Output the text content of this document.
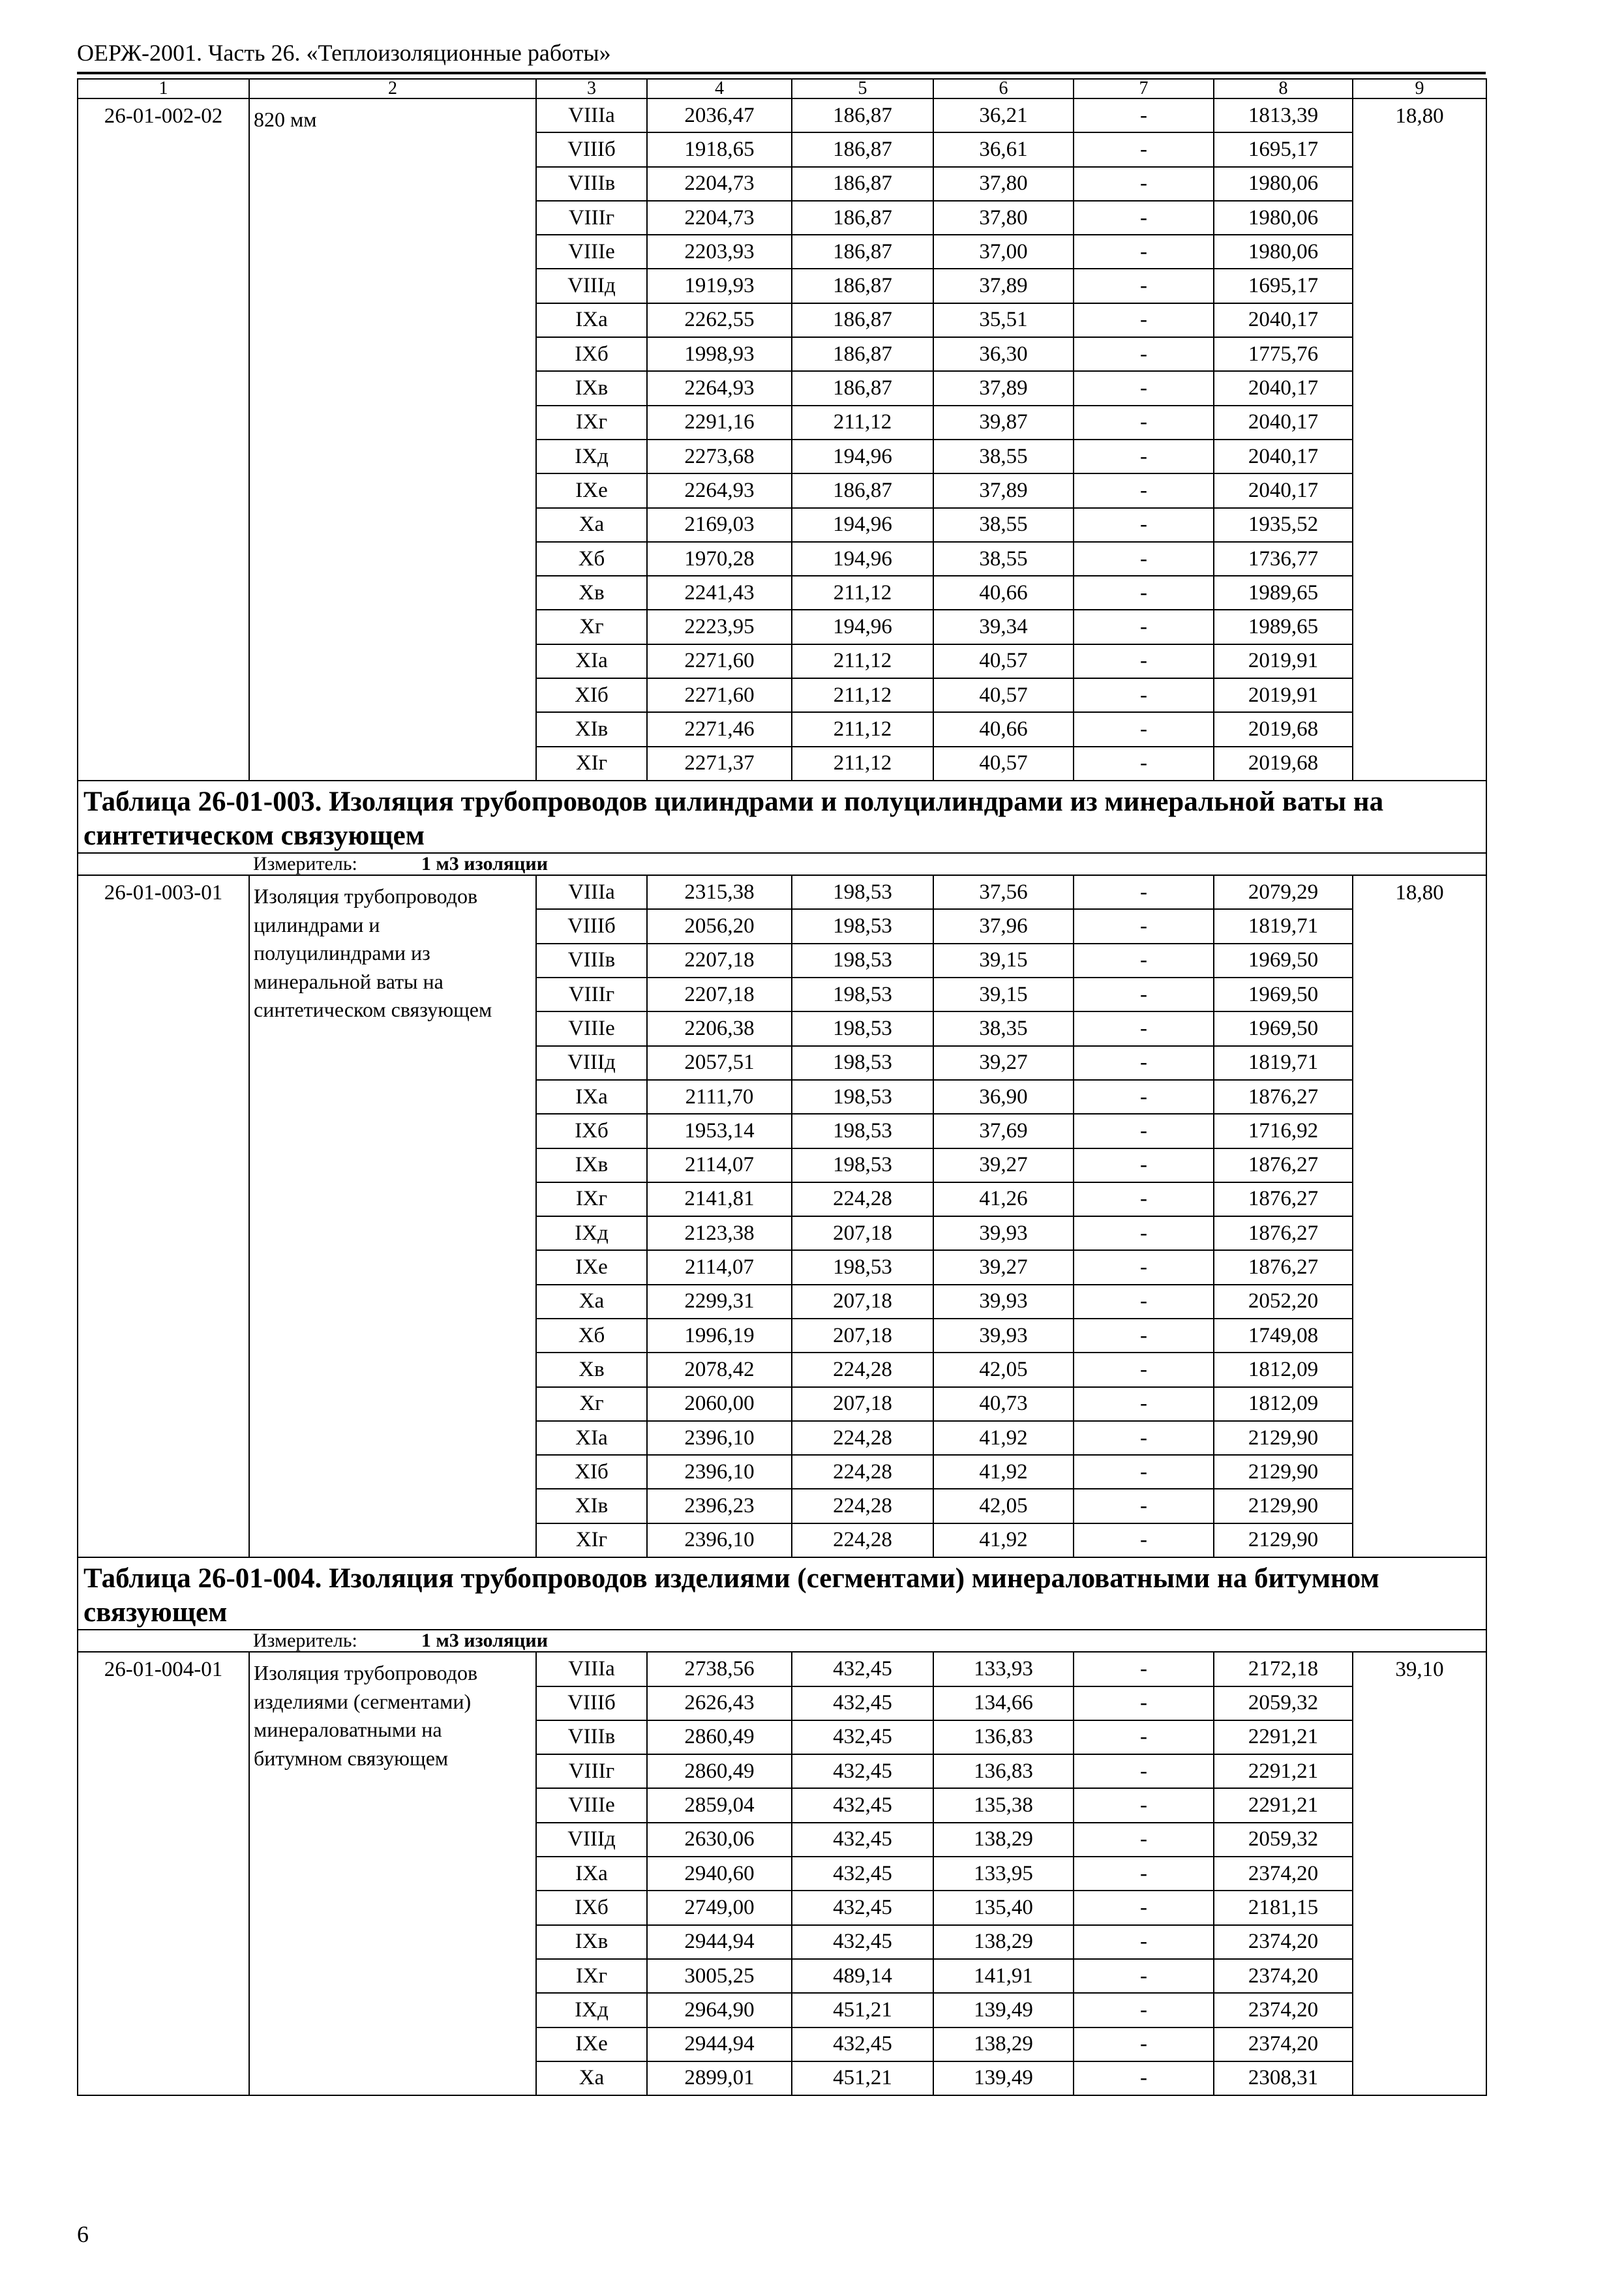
ОЕРЖ-2001. Часть 26. «Теплоизоляционные работы»
1	2	3	4	5	6	7	8	9
26-01-002-02	820 мм	VIIIа	2036,47	186,87	36,21	-	1813,39	18,80
		VIIIб	1918,65	186,87	36,61	-	1695,17	
		VIIIв	2204,73	186,87	37,80	-	1980,06	
		VIIIг	2204,73	186,87	37,80	-	1980,06	
		VIIIе	2203,93	186,87	37,00	-	1980,06	
		VIIIд	1919,93	186,87	37,89	-	1695,17	
		IXа	2262,55	186,87	35,51	-	2040,17	
		IXб	1998,93	186,87	36,30	-	1775,76	
		IXв	2264,93	186,87	37,89	-	2040,17	
		IXг	2291,16	211,12	39,87	-	2040,17	
		IXд	2273,68	194,96	38,55	-	2040,17	
		IXе	2264,93	186,87	37,89	-	2040,17	
		Xа	2169,03	194,96	38,55	-	1935,52	
		Xб	1970,28	194,96	38,55	-	1736,77	
		Xв	2241,43	211,12	40,66	-	1989,65	
		Xг	2223,95	194,96	39,34	-	1989,65	
		XIа	2271,60	211,12	40,57	-	2019,91	
		XIб	2271,60	211,12	40,57	-	2019,91	
		XIв	2271,46	211,12	40,66	-	2019,68	
		XIг	2271,37	211,12	40,57	-	2019,68	
Таблица 26-01-003. Изоляция трубопроводов цилиндрами и полуцилиндрами из минеральной ваты на синтетическом связующем								
Измеритель: 1 м3 изоляции								
26-01-003-01	Изоляция трубопроводов цилиндрами и полуцилиндрами из минеральной ваты на синтетическом связующем	VIIIа	2315,38	198,53	37,56	-	2079,29	18,80
		VIIIб	2056,20	198,53	37,96	-	1819,71	
		VIIIв	2207,18	198,53	39,15	-	1969,50	
		VIIIг	2207,18	198,53	39,15	-	1969,50	
		VIIIе	2206,38	198,53	38,35	-	1969,50	
		VIIIд	2057,51	198,53	39,27	-	1819,71	
		IXа	2111,70	198,53	36,90	-	1876,27	
		IXб	1953,14	198,53	37,69	-	1716,92	
		IXв	2114,07	198,53	39,27	-	1876,27	
		IXг	2141,81	224,28	41,26	-	1876,27	
		IXд	2123,38	207,18	39,93	-	1876,27	
		IXе	2114,07	198,53	39,27	-	1876,27	
		Xа	2299,31	207,18	39,93	-	2052,20	
		Xб	1996,19	207,18	39,93	-	1749,08	
		Xв	2078,42	224,28	42,05	-	1812,09	
		Xг	2060,00	207,18	40,73	-	1812,09	
		XIа	2396,10	224,28	41,92	-	2129,90	
		XIб	2396,10	224,28	41,92	-	2129,90	
		XIв	2396,23	224,28	42,05	-	2129,90	
		XIг	2396,10	224,28	41,92	-	2129,90	
Таблица 26-01-004. Изоляция трубопроводов изделиями (сегментами) минераловатными на битумном связующем								
Измеритель: 1 м3 изоляции								
26-01-004-01	Изоляция трубопроводов изделиями (сегментами) минераловатными на битумном связующем	VIIIа	2738,56	432,45	133,93	-	2172,18	39,10
		VIIIб	2626,43	432,45	134,66	-	2059,32	
		VIIIв	2860,49	432,45	136,83	-	2291,21	
		VIIIг	2860,49	432,45	136,83	-	2291,21	
		VIIIе	2859,04	432,45	135,38	-	2291,21	
		VIIIд	2630,06	432,45	138,29	-	2059,32	
		IXа	2940,60	432,45	133,95	-	2374,20	
		IXб	2749,00	432,45	135,40	-	2181,15	
		IXв	2944,94	432,45	138,29	-	2374,20	
		IXг	3005,25	489,14	141,91	-	2374,20	
		IXд	2964,90	451,21	139,49	-	2374,20	
		IXе	2944,94	432,45	138,29	-	2374,20	
		Xа	2899,01	451,21	139,49	-	2308,31	
6
